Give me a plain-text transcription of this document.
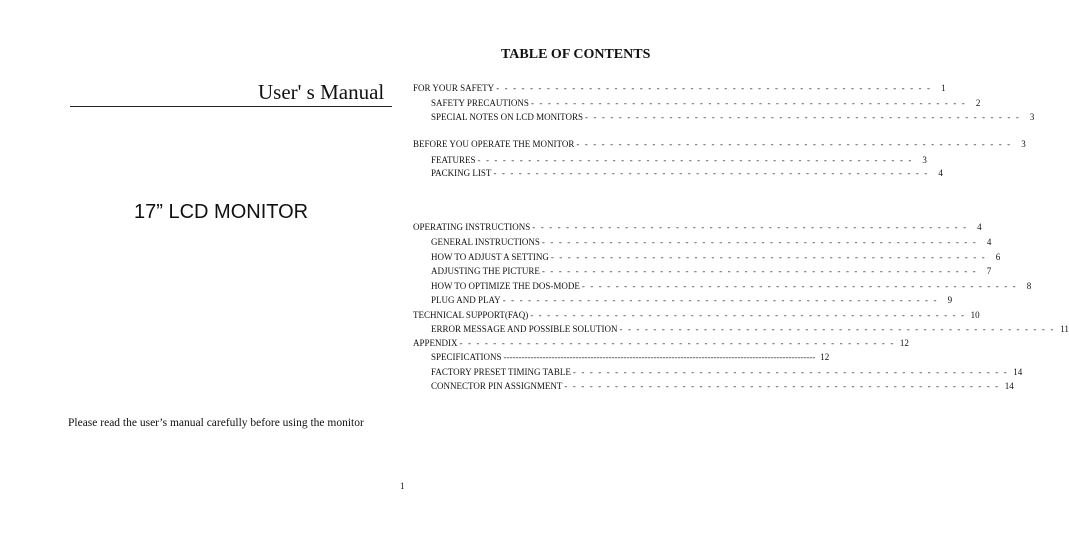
User' s Manual
17” LCD MONITOR
Please read the user’s manual carefully before using the monitor
1
TABLE OF CONTENTS
FOR YOUR SAFETY - - - - - - - - - - - - - - - - - - - - - - - - - - - - - - - - - - - - - - - - - - - - - - - - - - - -	1
SAFETY PRECAUTIONS - - - - - - - - - - - - - - - - - - - - - - - - - - - - - - - - - - - - - - - - - - - - - - - - - - - -	2
SPECIAL NOTES ON LCD MONITORS - - - - - - - - - - - - - - - - - - - - - - - - - - - - - - - - - - - - - - - - - - - - - - - - - - - -	3
BEFORE YOU OPERATE THE MONITOR - - - - - - - - - - - - - - - - - - - - - - - - - - - - - - - - - - - - - - - - - - - - - - - - - - - -	3
FEATURES - - - - - - - - - - - - - - - - - - - - - - - - - - - - - - - - - - - - - - - - - - - - - - - - - - - -	3
PACKING LIST - - - - - - - - - - - - - - - - - - - - - - - - - - - - - - - - - - - - - - - - - - - - - - - - - - - -	4
OPERATING INSTRUCTIONS - - - - - - - - - - - - - - - - - - - - - - - - - - - - - - - - - - - - - - - - - - - - - - - - - - - -	4
GENERAL INSTRUCTIONS - - - - - - - - - - - - - - - - - - - - - - - - - - - - - - - - - - - - - - - - - - - - - - - - - - - -	4
HOW TO ADJUST A SETTING - - - - - - - - - - - - - - - - - - - - - - - - - - - - - - - - - - - - - - - - - - - - - - - - - - - -	6
ADJUSTING THE PICTURE - - - - - - - - - - - - - - - - - - - - - - - - - - - - - - - - - - - - - - - - - - - - - - - - - - - -	7
HOW TO OPTIMIZE THE DOS-MODE - - - - - - - - - - - - - - - - - - - - - - - - - - - - - - - - - - - - - - - - - - - - - - - - - - - -	8
PLUG AND PLAY - - - - - - - - - - - - - - - - - - - - - - - - - - - - - - - - - - - - - - - - - - - - - - - - - - - -	9
TECHNICAL SUPPORT(FAQ) - - - - - - - - - - - - - - - - - - - - - - - - - - - - - - - - - - - - - - - - - - - - - - - - - - - - 10
ERROR MESSAGE AND POSSIBLE SOLUTION - - - - - - - - - - - - - - - - - - - - - - - - - - - - - - - - - - - - - - - - - - - - - - - - - - - - 11
APPENDIX - - - - - - - - - - - - - - - - - - - - - - - - - - - - - - - - - - - - - - - - - - - - - - - - - - - - 12
SPECIFICATIONS -------------------------------------------------------------------------------------------------------- 12
FACTORY PRESET TIMING TABLE - - - - - - - - - - - - - - - - - - - - - - - - - - - - - - - - - - - - - - - - - - - - - - - - - - - - 14
CONNECTOR PIN ASSIGNMENT - - - - - - - - - - - - - - - - - - - - - - - - - - - - - - - - - - - - - - - - - - - - - - - - - - - - 14
